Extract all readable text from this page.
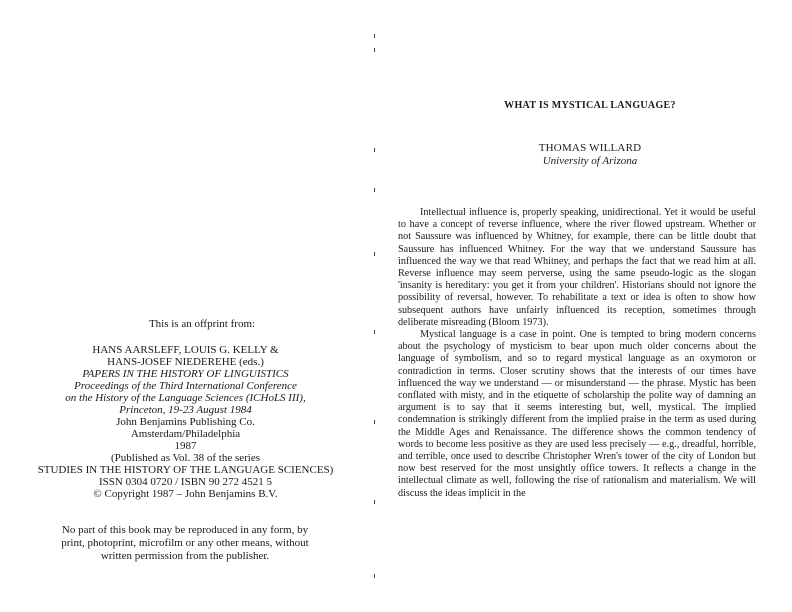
This is an offprint from:
HANS AARSLEFF, LOUIS G. KELLY &
HANS-JOSEF NIEDEREHE (eds.)
PAPERS IN THE HISTORY OF LINGUISTICS
Proceedings of the Third International Conference
on the History of the Language Sciences (ICHoLS III),
Princeton, 19-23 August 1984
John Benjamins Publishing Co.
Amsterdam/Philadelphia
1987
(Published as Vol. 38 of the series
STUDIES IN THE HISTORY OF THE LANGUAGE SCIENCES)
ISSN 0304 0720 / ISBN 90 272 4521 5
© Copyright 1987 – John Benjamins B.V.
No part of this book may be reproduced in any form, by
print, photoprint, microfilm or any other means, without
written permission from the publisher.
WHAT IS MYSTICAL LANGUAGE?
THOMAS WILLARD
University of Arizona

Intellectual influence is, properly speaking, unidirectional. Yet it would be useful to have a concept of reverse influence, where the river flowed upstream. Whether or not Saussure was influenced by Whitney, for example, there can be little doubt that Saussure has influenced Whitney. For the way that we understand Saussure has influenced the way we that read Whitney, and perhaps the fact that we read him at all. Reverse influence may seem perverse, using the same pseudo-logic as the slogan 'insanity is hereditary: you get it from your children'. Historians should not ignore the possibility of reversal, however. To rehabilitate a text or idea is often to show how subsequent authors have unfairly influenced its reception, sometimes through deliberate misreading (Bloom 1973).

Mystical language is a case in point. One is tempted to bring modern concerns about the psychology of mysticism to bear upon much older concerns about the language of symbolism, and so to regard mystical language as an oxymoron or contradiction in terms. Closer scrutiny shows that the interests of our times have influenced the way we understand — or misunderstand — the phrase. Mystic has been conflated with misty, and in the etiquette of scholarship the polite way of damning an argument is to say that it seems interesting but, well, mystical. The implied condemnation is strikingly different from the implied praise in the term as used during the Middle Ages and Renaissance. The difference shows the common tendency of words to become less positive as they are used less precisely — e.g., dreadful, horrible, and terrible, once used to describe Christopher Wren's tower of the city of London but now best reserved for the most unsightly office towers. It reflects a change in the intellectual climate as well, following the rise of rationalism and materialism. We will discuss the ideas implicit in the
